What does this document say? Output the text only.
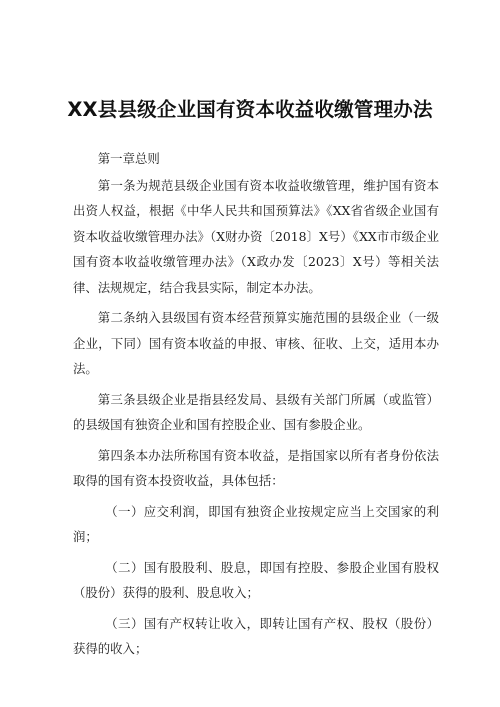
XX县县级企业国有资本收益收缴管理办法

第一章总则

第一条为规范县级企业国有资本收益收缴管理，维护国有资本出资人权益，根据《中华人民共和国预算法》《XX省省级企业国有资本收益收缴管理办法》（X财办资〔2018〕X号）《XX市市级企业国有资本收益收缴管理办法》（X政办发〔2023〕X号）等相关法律、法规规定，结合我县实际，制定本办法。

第二条纳入县级国有资本经营预算实施范围的县级企业（一级企业，下同）国有资本收益的申报、审核、征收、上交，适用本办法。

第三条县级企业是指县经发局、县级有关部门所属（或监管）的县级国有独资企业和国有控股企业、国有参股企业。

第四条本办法所称国有资本收益，是指国家以所有者身份依法取得的国有资本投资收益，具体包括：

（一）应交利润，即国有独资企业按规定应当上交国家的利润；

（二）国有股股利、股息，即国有控股、参股企业国有股权（股份）获得的股利、股息收入；

（三）国有产权转让收入，即转让国有产权、股权（股份）获得的收入；
